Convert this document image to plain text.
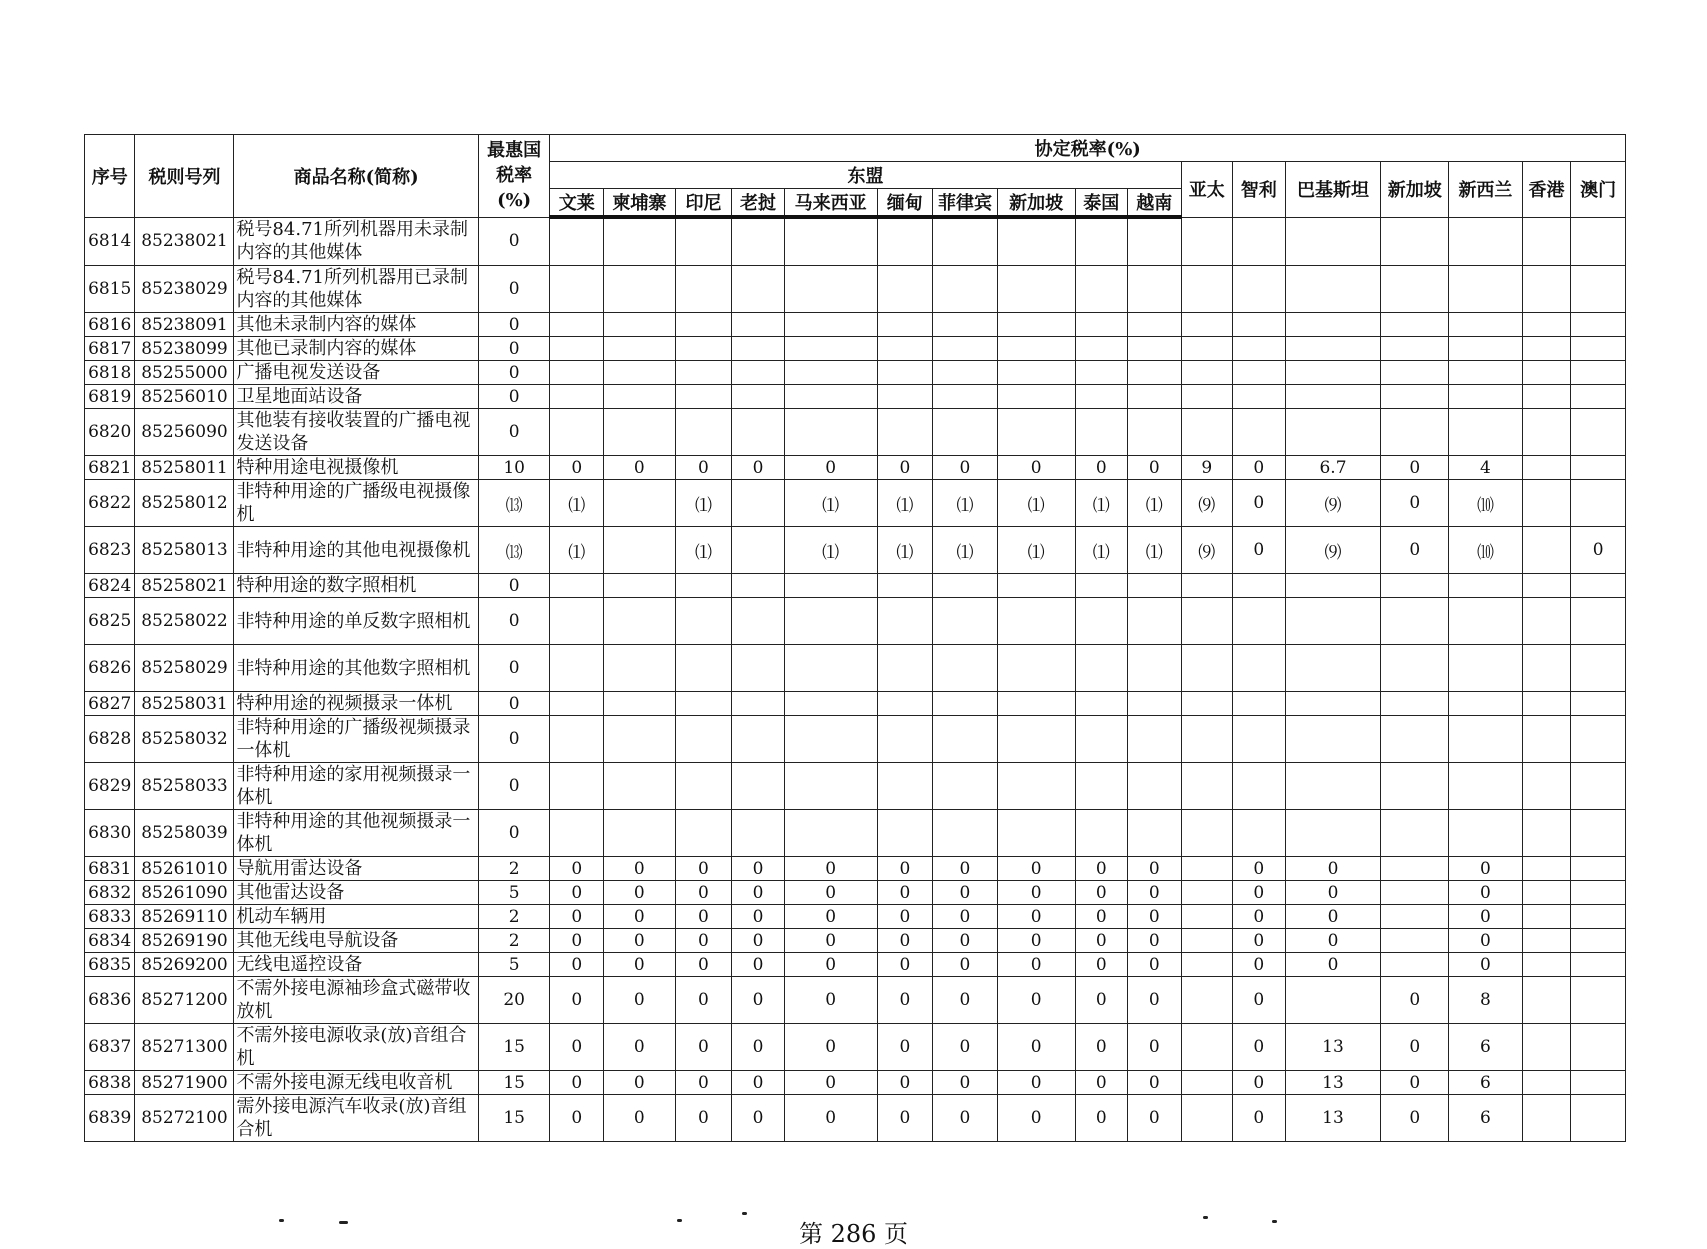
序号	税则号列	商品名称(简称)	最惠国
税率
(%)	协定税率(%)																
				东盟										亚太	智利	巴基斯坦	新加坡	新西兰	香港	澳门
				文莱	柬埔寨	印尼	老挝	马来西亚	缅甸	菲律宾	新加坡	泰国	越南							
6814	85238021	税号84.71所列机器用未录制内容的其他媒体	0																	
6815	85238029	税号84.71所列机器用已录制内容的其他媒体	0																	
6816	85238091	其他未录制内容的媒体	0																	
6817	85238099	其他已录制内容的媒体	0																	
6818	85255000	广播电视发送设备	0																	
6819	85256010	卫星地面站设备	0																	
6820	85256090	其他装有接收装置的广播电视发送设备	0																	
6821	85258011	特种用途电视摄像机	10	0	0	0	0	0	0	0	0	0	0	9	0	6.7	0	4		
6822	85258012	非特种用途的广播级电视摄像机	⒀	⑴		⑴		⑴	⑴	⑴	⑴	⑴	⑴	⑼	0	⑼	0	⑽		
6823	85258013	非特种用途的其他电视摄像机	⒀	⑴		⑴		⑴	⑴	⑴	⑴	⑴	⑴	⑼	0	⑼	0	⑽		0
6824	85258021	特种用途的数字照相机	0																	
6825	85258022	非特种用途的单反数字照相机	0																	
6826	85258029	非特种用途的其他数字照相机	0																	
6827	85258031	特种用途的视频摄录一体机	0																	
6828	85258032	非特种用途的广播级视频摄录一体机	0																	
6829	85258033	非特种用途的家用视频摄录一体机	0																	
6830	85258039	非特种用途的其他视频摄录一体机	0																	
6831	85261010	导航用雷达设备	2	0	0	0	0	0	0	0	0	0	0		0	0		0		
6832	85261090	其他雷达设备	5	0	0	0	0	0	0	0	0	0	0		0	0		0		
6833	85269110	机动车辆用	2	0	0	0	0	0	0	0	0	0	0		0	0		0		
6834	85269190	其他无线电导航设备	2	0	0	0	0	0	0	0	0	0	0		0	0		0		
6835	85269200	无线电遥控设备	5	0	0	0	0	0	0	0	0	0	0		0	0		0		
6836	85271200	不需外接电源袖珍盒式磁带收放机	20	0	0	0	0	0	0	0	0	0	0		0		0	8		
6837	85271300	不需外接电源收录(放)音组合机	15	0	0	0	0	0	0	0	0	0	0		0	13	0	6		
6838	85271900	不需外接电源无线电收音机	15	0	0	0	0	0	0	0	0	0	0		0	13	0	6		
6839	85272100	需外接电源汽车收录(放)音组合机	15	0	0	0	0	0	0	0	0	0	0		0	13	0	6		
第 286 页
